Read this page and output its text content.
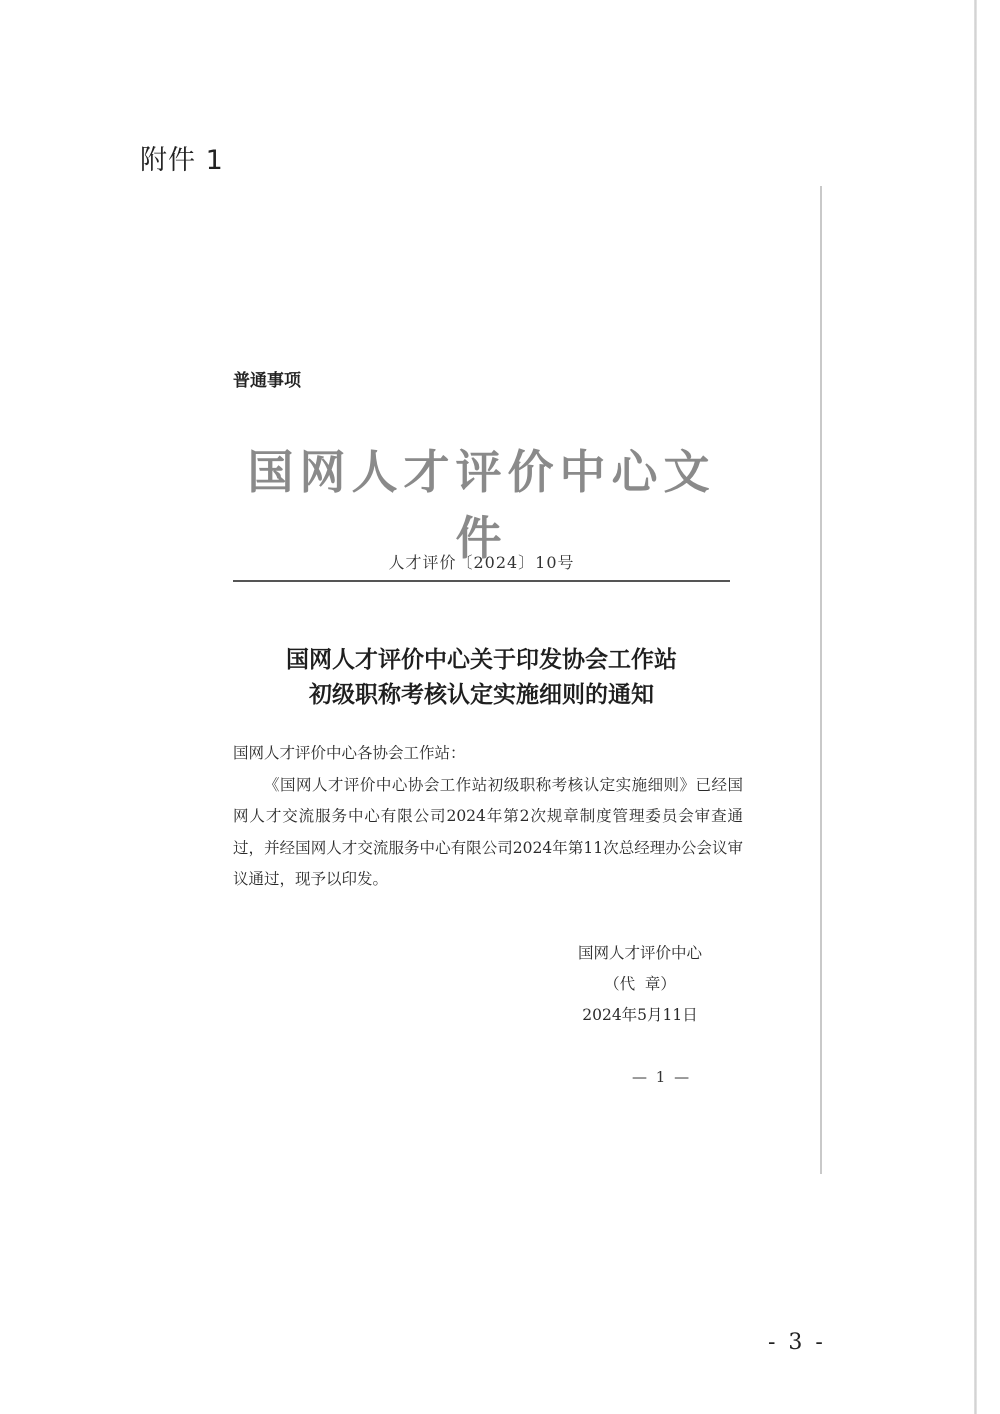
附件 1
普通事项
国网人才评价中心文件
人才评价〔2024〕10号
国网人才评价中心关于印发协会工作站
初级职称考核认定实施细则的通知

国网人才评价中心各协会工作站：

《国网人才评价中心协会工作站初级职称考核认定实施细则》已经国网人才交流服务中心有限公司2024年第2次规章制度管理委员会审查通过，并经国网人才交流服务中心有限公司2024年第11次总经理办公会议审议通过，现予以印发。

国网人才评价中心
（代  章）
2024年5月11日
— 1 —
- 3 -
